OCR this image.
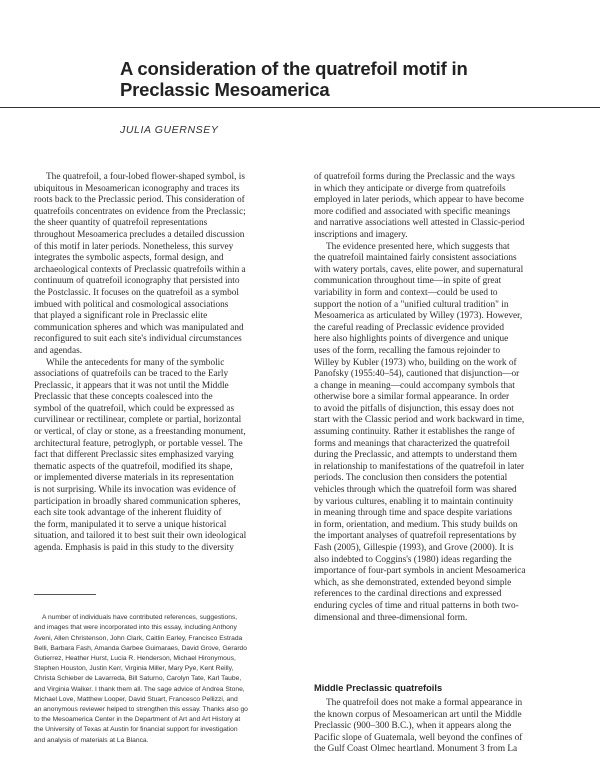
A consideration of the quatrefoil motif in Preclassic Mesoamerica
JULIA GUERNSEY

The quatrefoil, a four-lobed flower-shaped symbol, is
ubiquitous in Mesoamerican iconography and traces its
roots back to the Preclassic period. This consideration of
quatrefoils concentrates on evidence from the Preclassic;
the sheer quantity of quatrefoil representations
throughout Mesoamerica precludes a detailed discussion
of this motif in later periods. Nonetheless, this survey
integrates the symbolic aspects, formal design, and
archaeological contexts of Preclassic quatrefoils within a
continuum of quatrefoil iconography that persisted into
the Postclassic. It focuses on the quatrefoil as a symbol
imbued with political and cosmological associations
that played a significant role in Preclassic elite
communication spheres and which was manipulated and
reconfigured to suit each site's individual circumstances
and agendas.

While the antecedents for many of the symbolic
associations of quatrefoils can be traced to the Early
Preclassic, it appears that it was not until the Middle
Preclassic that these concepts coalesced into the
symbol of the quatrefoil, which could be expressed as
curvilinear or rectilinear, complete or partial, horizontal
or vertical, of clay or stone, as a freestanding monument,
architectural feature, petroglyph, or portable vessel. The
fact that different Preclassic sites emphasized varying
thematic aspects of the quatrefoil, modified its shape,
or implemented diverse materials in its representation
is not surprising. While its invocation was evidence of
participation in broadly shared communication spheres,
each site took advantage of the inherent fluidity of
the form, manipulated it to serve a unique historical
situation, and tailored it to best suit their own ideological
agenda. Emphasis is paid in this study to the diversity

A number of individuals have contributed references, suggestions,
and images that were incorporated into this essay, including Anthony
Aveni, Allen Christenson, John Clark, Caitlin Earley, Francisco Estrada
Belli, Barbara Fash, Amanda Garbee Guimaraes, David Grove, Gerardo
Gutierrez, Heather Hurst, Lucia R. Henderson, Michael Hironymous,
Stephen Houston, Justin Kerr, Virginia Miller, Mary Pye, Kent Reilly,
Christa Schieber de Lavarreda, Bill Saturno, Carolyn Tate, Karl Taube,
and Virginia Walker. I thank them all. The sage advice of Andrea Stone,
Michael Love, Matthew Looper, David Stuart, Francesco Pellizzi, and
an anonymous reviewer helped to strengthen this essay. Thanks also go
to the Mesoamerica Center in the Department of Art and Art History at
the University of Texas at Austin for financial support for investigation
and analysis of materials at La Blanca.

of quatrefoil forms during the Preclassic and the ways
in which they anticipate or diverge from quatrefoils
employed in later periods, which appear to have become
more codified and associated with specific meanings
and narrative associations well attested in Classic-period
inscriptions and imagery.

The evidence presented here, which suggests that
the quatrefoil maintained fairly consistent associations
with watery portals, caves, elite power, and supernatural
communication throughout time—in spite of great
variability in form and context—could be used to
support the notion of a "unified cultural tradition" in
Mesoamerica as articulated by Willey (1973). However,
the careful reading of Preclassic evidence provided
here also highlights points of divergence and unique
uses of the form, recalling the famous rejoinder to
Willey by Kubler (1973) who, building on the work of
Panofsky (1955:40–54), cautioned that disjunction—or
a change in meaning—could accompany symbols that
otherwise bore a similar formal appearance. In order
to avoid the pitfalls of disjunction, this essay does not
start with the Classic period and work backward in time,
assuming continuity. Rather it establishes the range of
forms and meanings that characterized the quatrefoil
during the Preclassic, and attempts to understand them
in relationship to manifestations of the quatrefoil in later
periods. The conclusion then considers the potential
vehicles through which the quatrefoil form was shared
by various cultures, enabling it to maintain continuity
in meaning through time and space despite variations
in form, orientation, and medium. This study builds on
the important analyses of quatrefoil representations by
Fash (2005), Gillespie (1993), and Grove (2000). It is
also indebted to Coggins's (1980) ideas regarding the
importance of four-part symbols in ancient Mesoamerica
which, as she demonstrated, extended beyond simple
references to the cardinal directions and expressed
enduring cycles of time and ritual patterns in both two-
dimensional and three-dimensional form.

Middle Preclassic quatrefoils

The quatrefoil does not make a formal appearance in
the known corpus of Mesoamerican art until the Middle
Preclassic (900–300 B.C.), when it appears along the
Pacific slope of Guatemala, well beyond the confines of
the Gulf Coast Olmec heartland. Monument 3 from La
